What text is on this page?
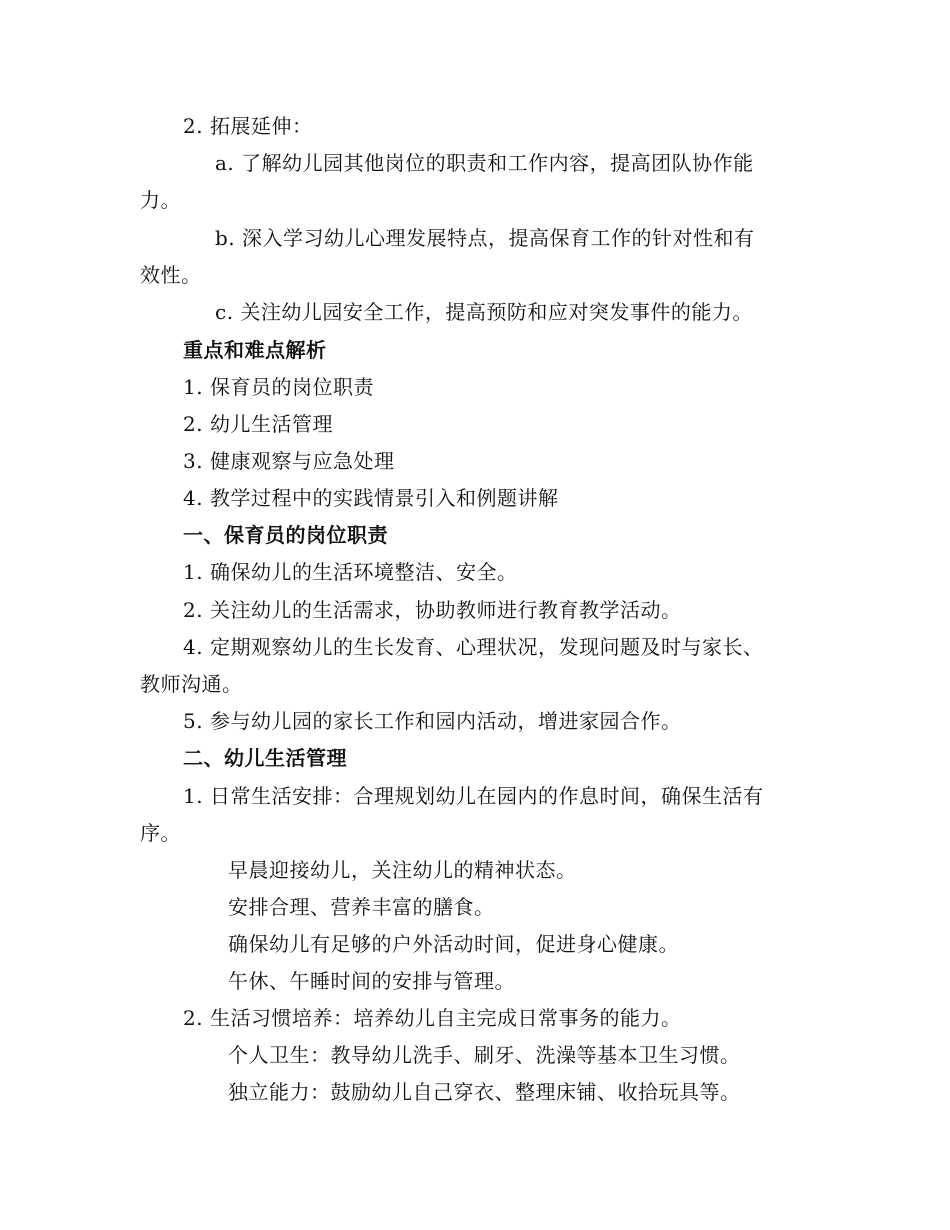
2. 拓展延伸：
a. 了解幼儿园其他岗位的职责和工作内容，提高团队协作能
力。
b. 深入学习幼儿心理发展特点，提高保育工作的针对性和有
效性。
c. 关注幼儿园安全工作，提高预防和应对突发事件的能力。
重点和难点解析
1. 保育员的岗位职责
2. 幼儿生活管理
3. 健康观察与应急处理
4. 教学过程中的实践情景引入和例题讲解
一、保育员的岗位职责
1. 确保幼儿的生活环境整洁、安全。
2. 关注幼儿的生活需求，协助教师进行教育教学活动。
4. 定期观察幼儿的生长发育、心理状况，发现问题及时与家长、
教师沟通。
5. 参与幼儿园的家长工作和园内活动，增进家园合作。
二、幼儿生活管理
1. 日常生活安排：合理规划幼儿在园内的作息时间，确保生活有
序。
早晨迎接幼儿，关注幼儿的精神状态。
安排合理、营养丰富的膳食。
确保幼儿有足够的户外活动时间，促进身心健康。
午休、午睡时间的安排与管理。
2. 生活习惯培养：培养幼儿自主完成日常事务的能力。
个人卫生：教导幼儿洗手、刷牙、洗澡等基本卫生习惯。
独立能力：鼓励幼儿自己穿衣、整理床铺、收拾玩具等。
